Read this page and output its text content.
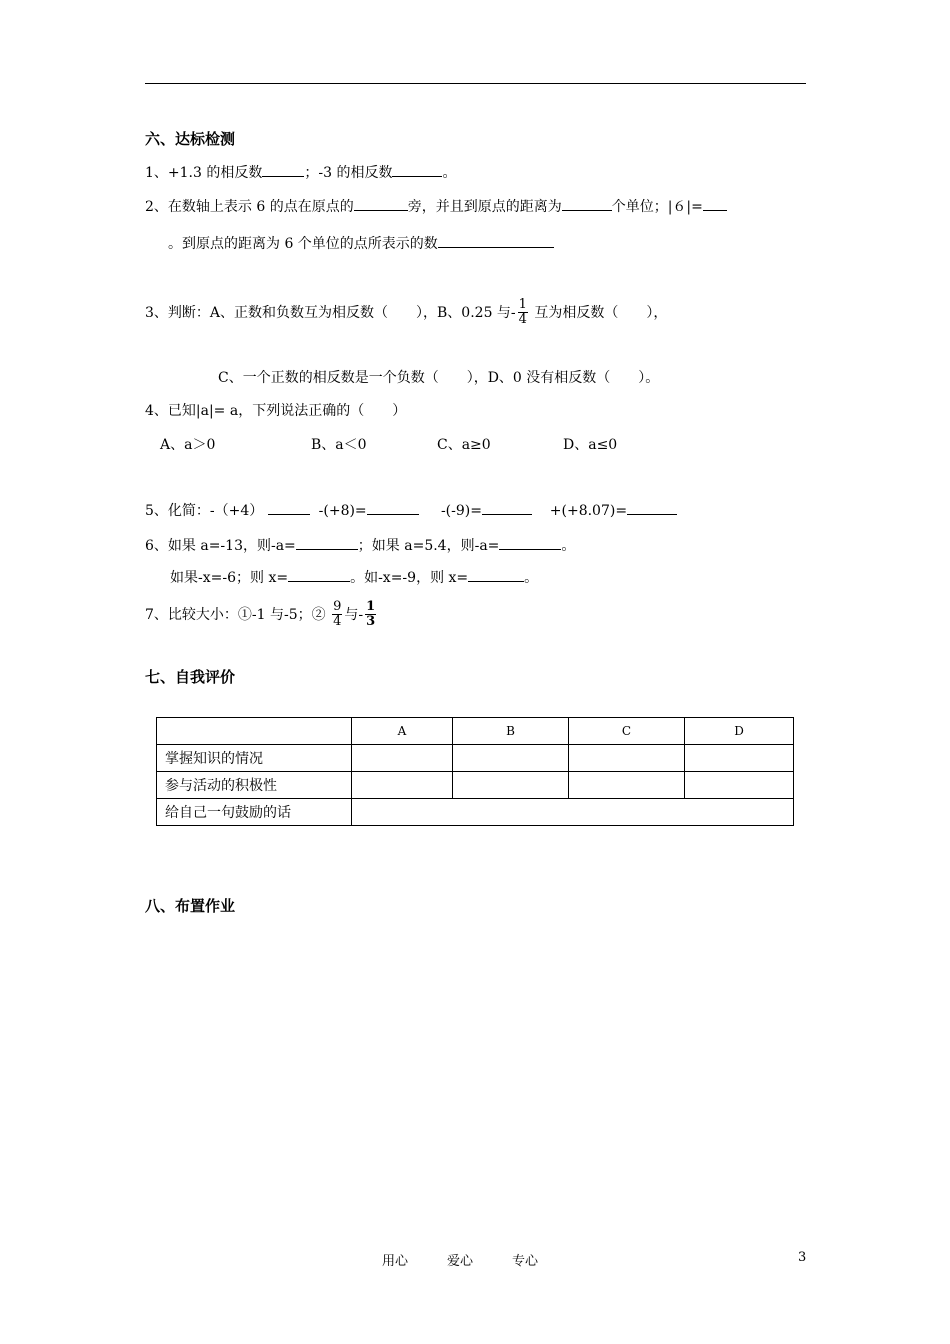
六、达标检测
1、+1.3 的相反数	；-3 的相反数	。
2、在数轴上表示 6 的点在原点的	旁，并且到原点的距离为	个单位；|６|=
。到原点的距离为 6 个单位的点所表示的数
3、判断：A、正数和负数互为相反数（　　），B、0.25 与- $\frac{1}{4}$ 互为相反数（　　），
C、一个正数的相反数是一个负数（　　），D、0 没有相反数（　　）。
4、已知|a|= a，下列说法正确的（　　）
A、a＞0	B、a＜0	C、a≥0	D、a≤0
5、化简：-（+4）	-(+8)=	-(-9)=	+(+8.07)=
6、如果 a=-13，则-a=	；如果 a=5.4，则-a=	。
如果-x=-6；则 x=	。如-x=-9，则 x=	。
7、比较大小：①-1 与-5；② $\frac{9}{4}$ 与- $\frac{1}{3}$
七、自我评价
	A	B	C	D
掌握知识的情况				
参与活动的积极性				
给自己一句鼓励的话				
八、布置作业
用心	爱心	专心	3
